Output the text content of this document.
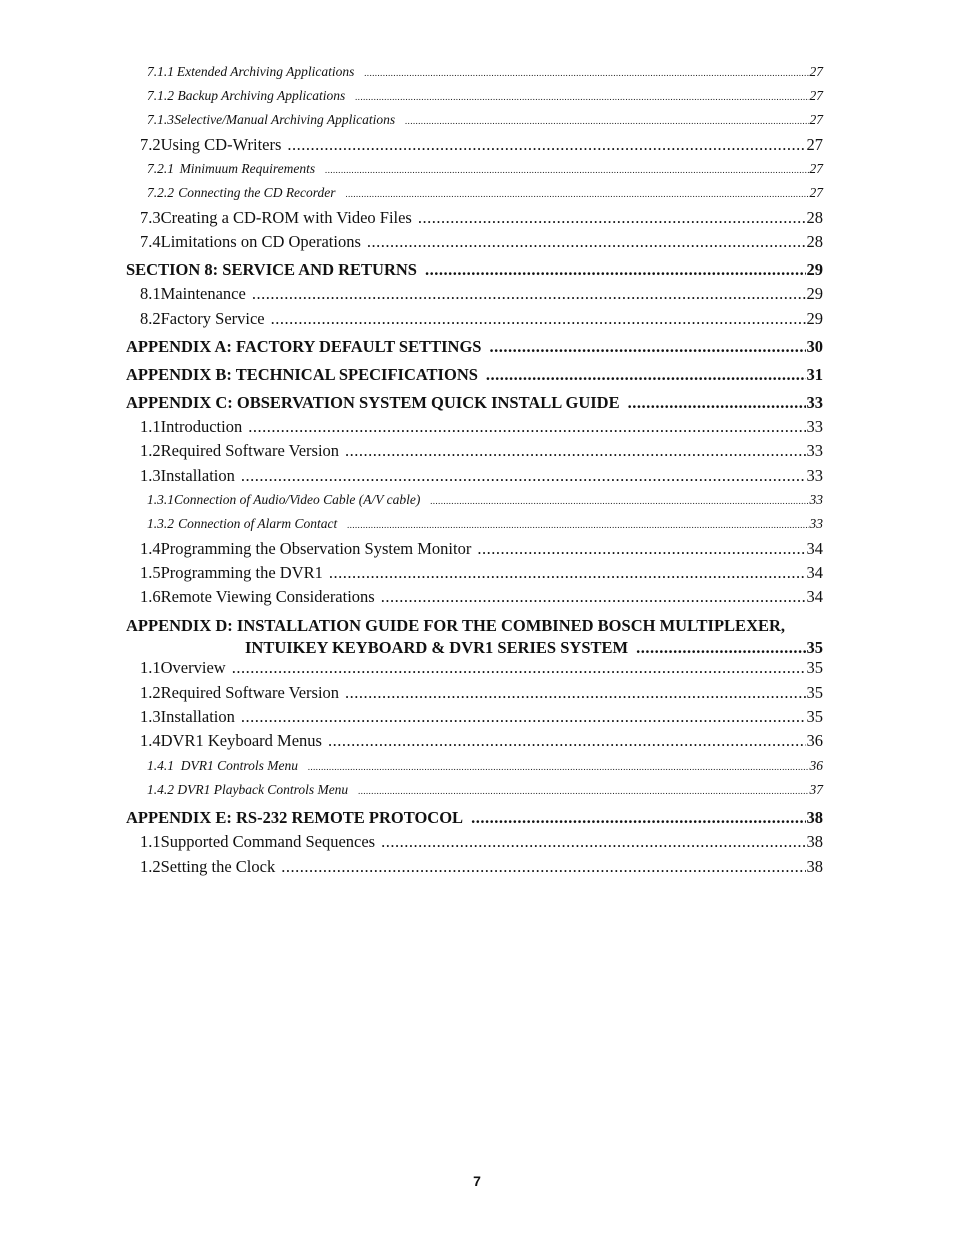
7.1.1 Extended Archiving Applications .....	27
7.1.2 Backup Archiving Applications .....	27
7.1.3 Selective/Manual Archiving Applications .....	27
7.2 Using CD-Writers .....	27
7.2.1 Minimuum Requirements .....	27
7.2.2 Connecting the CD Recorder .....	27
7.3 Creating a CD-ROM with Video Files .....	28
7.4 Limitations on CD Operations .....	28
SECTION 8: SERVICE AND RETURNS .....	29
8.1 Maintenance .....	29
8.2 Factory Service .....	29
APPENDIX A: FACTORY DEFAULT SETTINGS .....	30
APPENDIX B: TECHNICAL SPECIFICATIONS .....	31
APPENDIX C: OBSERVATION SYSTEM QUICK INSTALL GUIDE .....	33
1.1 Introduction .....	33
1.2 Required Software Version .....	33
1.3 Installation .....	33
1.3.1 Connection of Audio/Video Cable (A/V cable) .....	33
1.3.2 Connection of Alarm Contact .....	33
1.4 Programming the Observation System Monitor .....	34
1.5 Programming the DVR1 .....	34
1.6 Remote Viewing Considerations .....	34
APPENDIX D: INSTALLATION GUIDE FOR THE COMBINED BOSCH MULTIPLEXER,
INTUIKEY KEYBOARD & DVR1 SERIES SYSTEM .....	35
1.1 Overview .....	35
1.2 Required Software Version .....	35
1.3 Installation .....	35
1.4 DVR1 Keyboard Menus .....	36
1.4.1 DVR1 Controls Menu .....	36
1.4.2 DVR1 Playback Controls Menu .....	37
APPENDIX E: RS-232 REMOTE PROTOCOL .....	38
1.1 Supported Command Sequences .....	38
1.2 Setting the Clock .....	38
7
